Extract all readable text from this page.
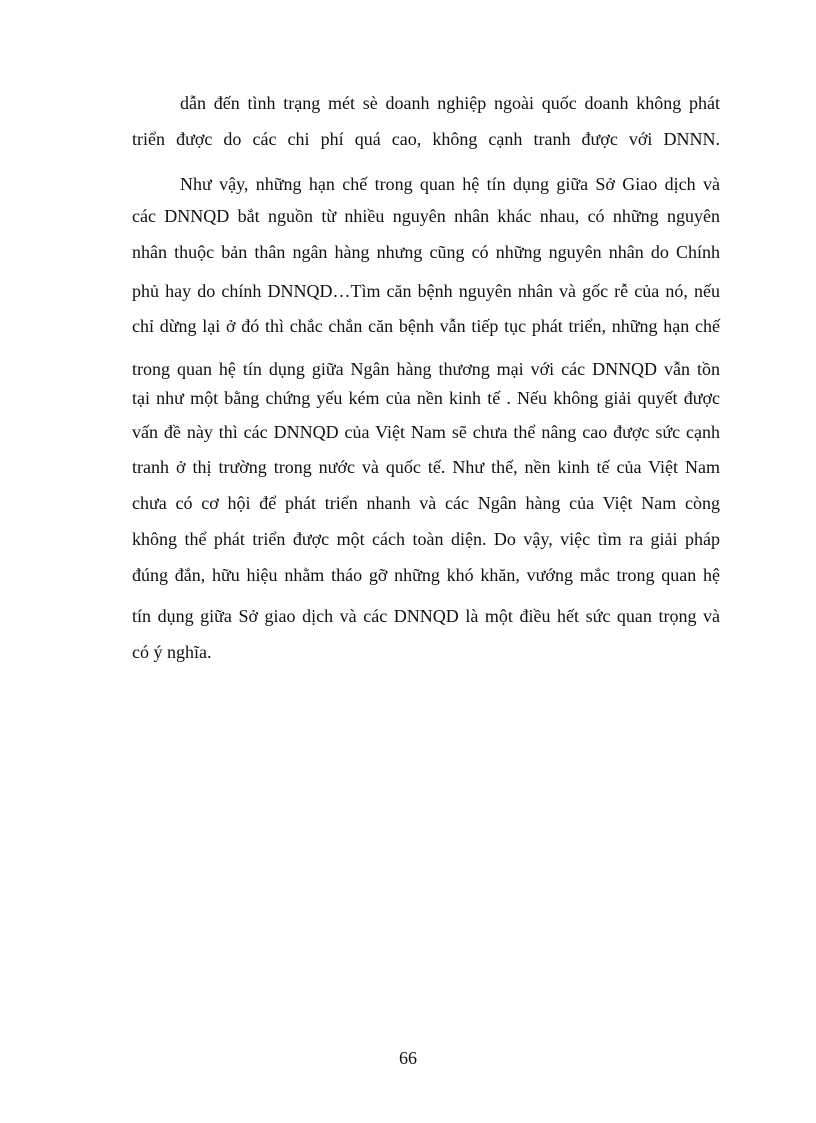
dẫn đến tình trạng mét sè doanh nghiệp ngoài quốc doanh không phát
triển được do các chi phí quá cao, không cạnh tranh được với DNNN.
Như vậy, những hạn chế trong quan hệ tín dụng giữa Sở Giao dịch và
các DNNQD bắt nguồn từ nhiều nguyên nhân khác nhau, có những nguyên
nhân thuộc bản thân ngân hàng nhưng cũng có những nguyên nhân do Chính
phủ hay do chính DNNQD…Tìm căn bệnh nguyên nhân và gốc rễ của nó, nếu
chỉ dừng lại ở đó thì chắc chắn căn bệnh vẫn tiếp tục phát triển, những hạn chế
trong quan hệ tín dụng giữa Ngân hàng thương mại với các DNNQD vẫn tồn
tại như một bằng chứng yếu kém của nền kinh tế . Nếu không giải quyết được
vấn đề này thì các DNNQD của Việt Nam sẽ chưa thể nâng cao được sức cạnh
tranh ở thị trường trong nước và quốc tế. Như thế, nền kinh tế của Việt Nam
chưa có cơ hội để phát triển nhanh và các Ngân hàng của Việt Nam còng
không thể phát triển được một cách toàn diện. Do vậy, việc tìm ra giải pháp
đúng đắn, hữu hiệu nhằm tháo gỡ những khó khăn, vướng mắc trong quan hệ
tín dụng giữa Sở giao dịch và các DNNQD là một điều hết sức quan trọng và
có ý nghĩa.
66
